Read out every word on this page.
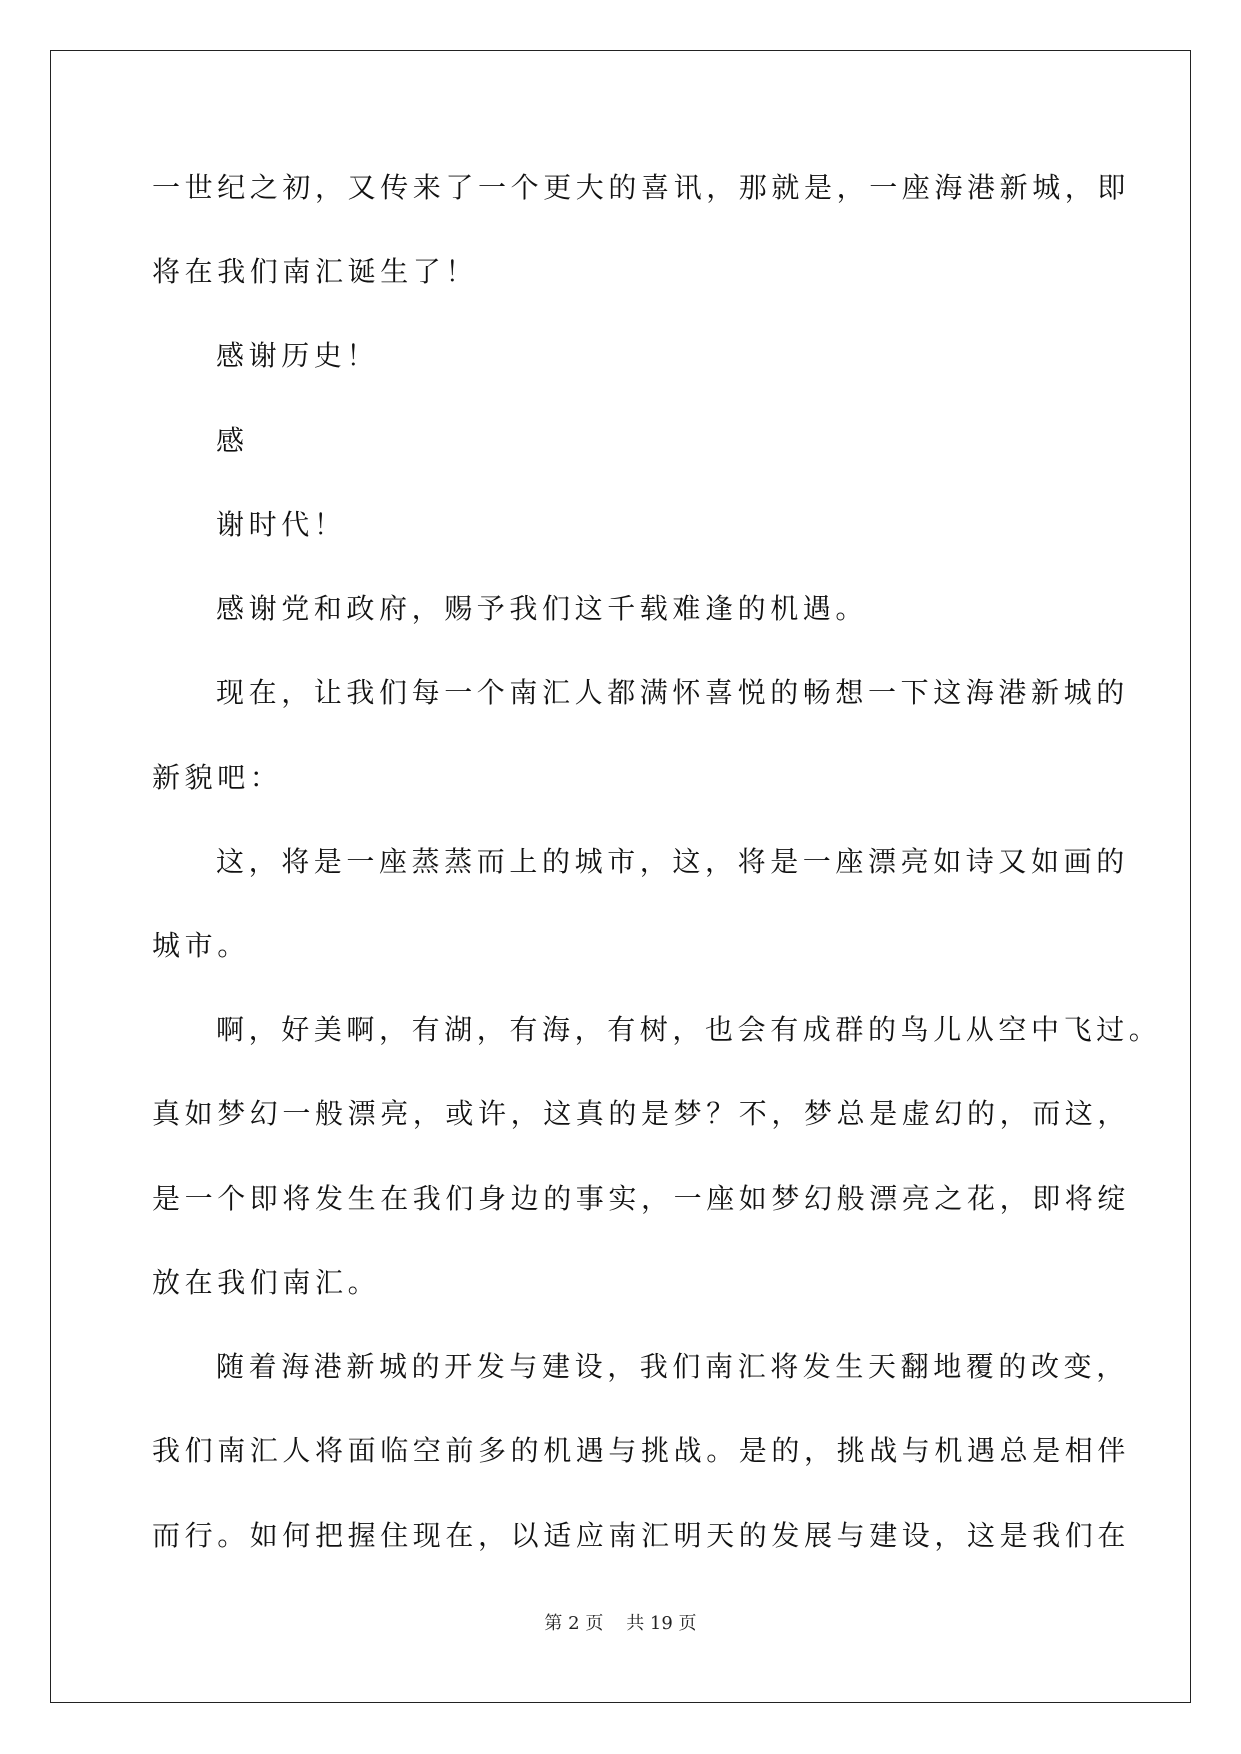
一世纪之初，又传来了一个更大的喜讯，那就是，一座海港新城，即
将在我们南汇诞生了！
感谢历史！
感
谢时代！
感谢党和政府，赐予我们这千载难逢的机遇。
现在，让我们每一个南汇人都满怀喜悦的畅想一下这海港新城的
新貌吧：
这，将是一座蒸蒸而上的城市，这，将是一座漂亮如诗又如画的
城市。
啊，好美啊，有湖，有海，有树，也会有成群的鸟儿从空中飞过。
真如梦幻一般漂亮，或许，这真的是梦？不，梦总是虚幻的，而这，
是一个即将发生在我们身边的事实，一座如梦幻般漂亮之花，即将绽
放在我们南汇。
随着海港新城的开发与建设，我们南汇将发生天翻地覆的改变，
我们南汇人将面临空前多的机遇与挑战。是的，挑战与机遇总是相伴
而行。如何把握住现在，以适应南汇明天的发展与建设，这是我们在
第 2 页    共 19 页
